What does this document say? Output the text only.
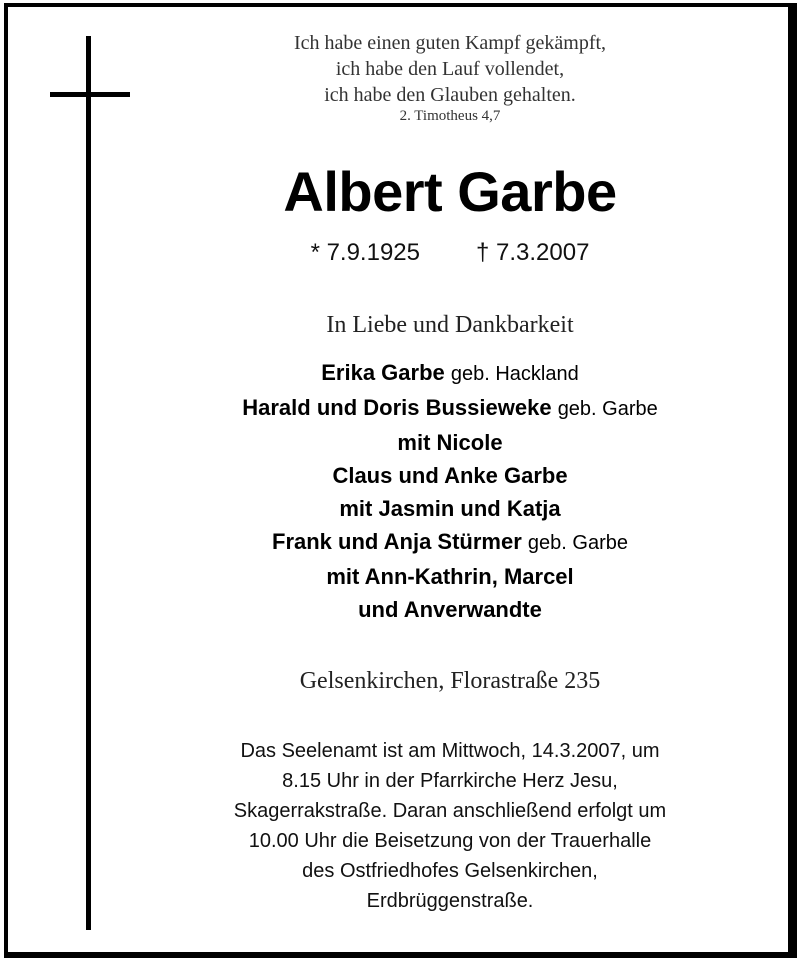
Ich habe einen guten Kampf gekämpft,
ich habe den Lauf vollendet,
ich habe den Glauben gehalten.
2. Timotheus 4,7
Albert Garbe
* 7.9.1925 † 7.3.2007
In Liebe und Dankbarkeit
Erika Garbe geb. Hackland
Harald und Doris Bussieweke geb. Garbe
mit Nicole
Claus und Anke Garbe
mit Jasmin und Katja
Frank und Anja Stürmer geb. Garbe
mit Ann-Kathrin, Marcel
und Anverwandte
Gelsenkirchen, Florastraße 235
Das Seelenamt ist am Mittwoch, 14.3.2007, um
8.15 Uhr in der Pfarrkirche Herz Jesu,
Skagerrakstraße. Daran anschließend erfolgt um
10.00 Uhr die Beisetzung von der Trauerhalle
des Ostfriedhofes Gelsenkirchen,
Erdbrüggenstraße.
